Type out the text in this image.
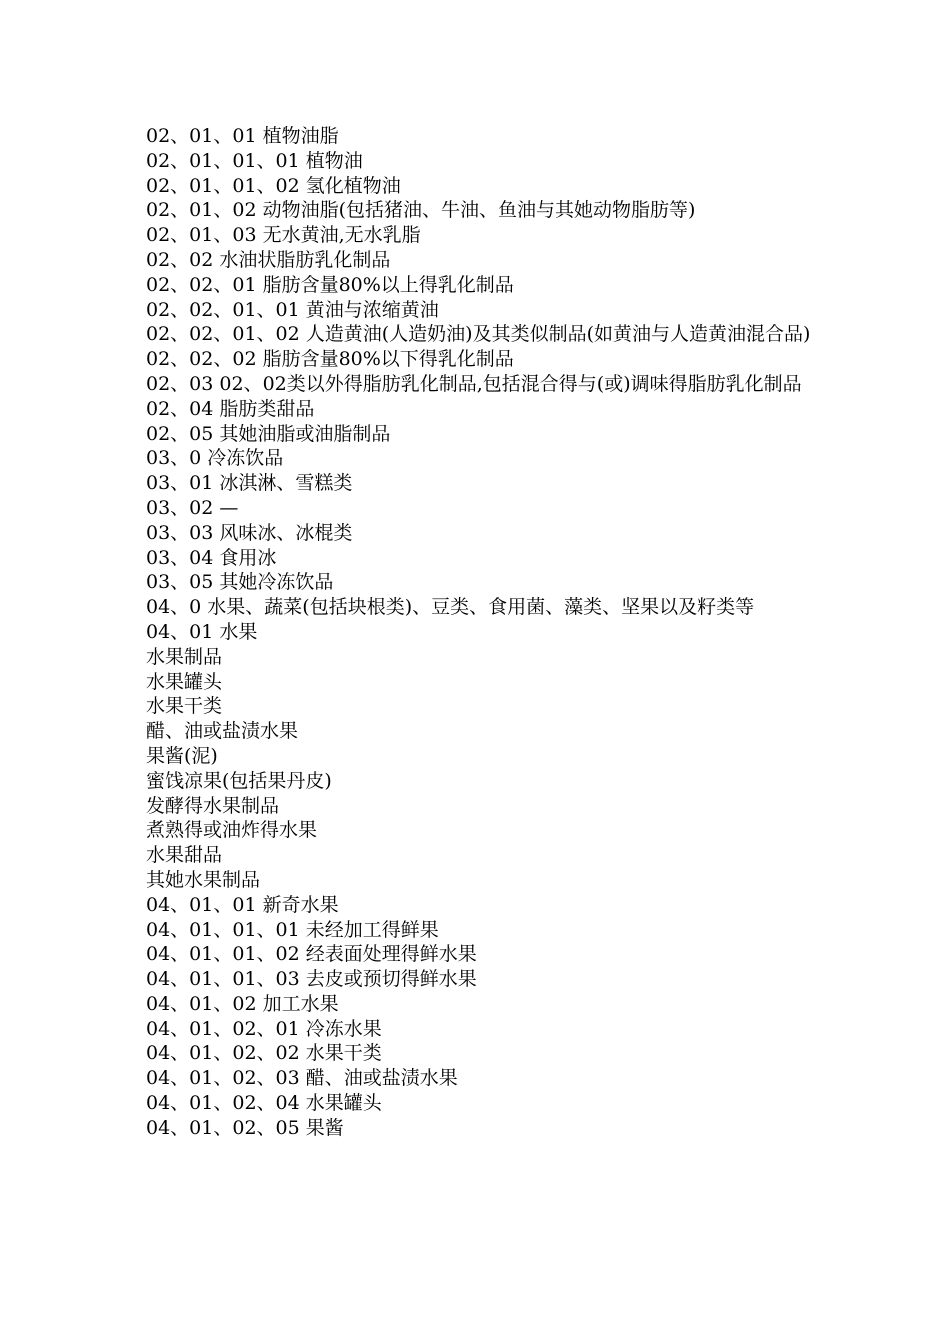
02、01、01 植物油脂
02、01、01、01 植物油
02、01、01、02 氢化植物油
02、01、02 动物油脂(包括猪油、牛油、鱼油与其她动物脂肪等)
02、01、03 无水黄油,无水乳脂
02、02 水油状脂肪乳化制品
02、02、01 脂肪含量80%以上得乳化制品
02、02、01、01 黄油与浓缩黄油
02、02、01、02 人造黄油(人造奶油)及其类似制品(如黄油与人造黄油混合品)
02、02、02 脂肪含量80%以下得乳化制品
02、03 02、02类以外得脂肪乳化制品,包括混合得与(或)调味得脂肪乳化制品
02、04 脂肪类甜品
02、05 其她油脂或油脂制品
03、0 冷冻饮品
03、01 冰淇淋、雪糕类
03、02 —
03、03 风味冰、冰棍类
03、04 食用冰
03、05 其她冷冻饮品
04、0 水果、蔬菜(包括块根类)、豆类、食用菌、藻类、坚果以及籽类等
04、01 水果
水果制品
水果罐头
水果干类
醋、油或盐渍水果
果酱(泥)
蜜饯凉果(包括果丹皮)
发酵得水果制品
煮熟得或油炸得水果
水果甜品
其她水果制品
04、01、01 新奇水果
04、01、01、01 未经加工得鲜果
04、01、01、02 经表面处理得鲜水果
04、01、01、03 去皮或预切得鲜水果
04、01、02 加工水果
04、01、02、01 冷冻水果
04、01、02、02 水果干类
04、01、02、03 醋、油或盐渍水果
04、01、02、04 水果罐头
04、01、02、05 果酱
